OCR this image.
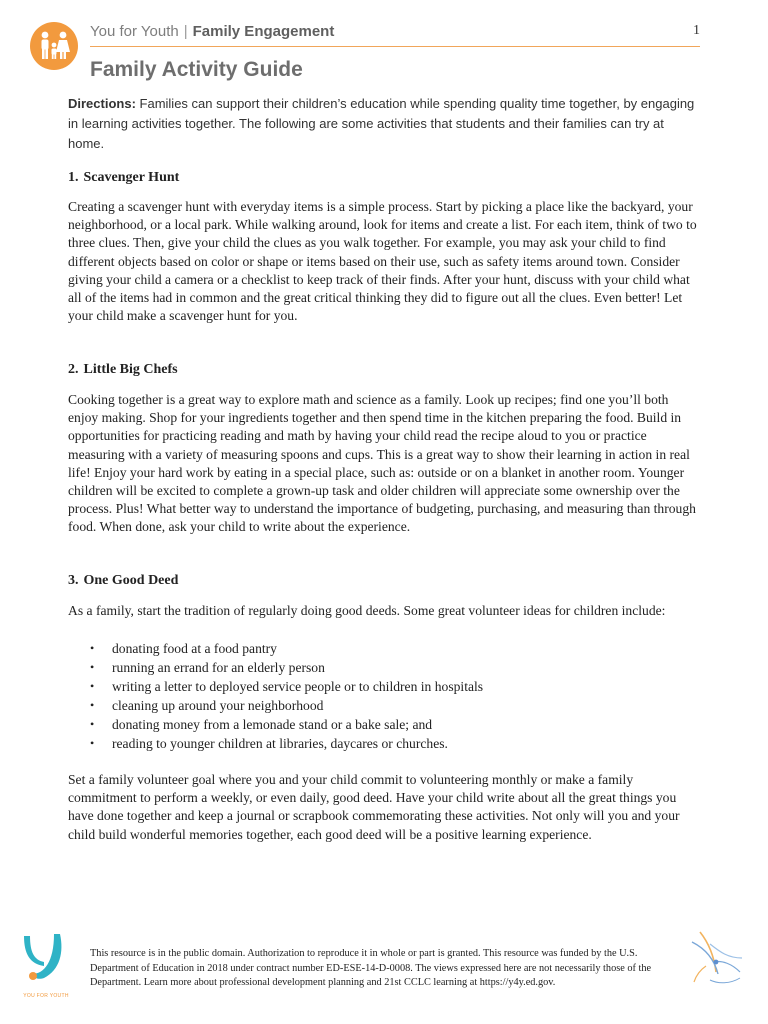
You for Youth | Family Engagement	1
Family Activity Guide

Directions: Families can support their children’s education while spending quality time together, by engaging in learning activities together. The following are some activities that students and their families can try at home.

1. Scavenger Hunt

Creating a scavenger hunt with everyday items is a simple process. Start by picking a place like the backyard, your neighborhood, or a local park. While walking around, look for items and create a list. For each item, think of two to three clues. Then, give your child the clues as you walk together. For example, you may ask your child to find different objects based on color or shape or items based on their use, such as safety items around town. Consider giving your child a camera or a checklist to keep track of their finds. After your hunt, discuss with your child what all of the items had in common and the great critical thinking they did to figure out all the clues. Even better! Let your child make a scavenger hunt for you.

2. Little Big Chefs

Cooking together is a great way to explore math and science as a family. Look up recipes; find one you’ll both enjoy making. Shop for your ingredients together and then spend time in the kitchen preparing the food. Build in opportunities for practicing reading and math by having your child read the recipe aloud to you or practice measuring with a variety of measuring spoons and cups. This is a great way to show their learning in action in real life! Enjoy your hard work by eating in a special place, such as: outside or on a blanket in another room. Younger children will be excited to complete a grown-up task and older children will appreciate some ownership over the process. Plus! What better way to understand the importance of budgeting, purchasing, and measuring than through food. When done, ask your child to write about the experience.

3. One Good Deed

As a family, start the tradition of regularly doing good deeds. Some great volunteer ideas for children include:

• donating food at a food pantry
• running an errand for an elderly person
• writing a letter to deployed service people or to children in hospitals
• cleaning up around your neighborhood
• donating money from a lemonade stand or a bake sale; and
• reading to younger children at libraries, daycares or churches.

Set a family volunteer goal where you and your child commit to volunteering monthly or make a family commitment to perform a weekly, or even daily, good deed. Have your child write about all the great things you have done together and keep a journal or scrapbook commemorating these activities. Not only will you and your child build wonderful memories together, each good deed will be a positive learning experience.

YOU FOR YOUTH

This resource is in the public domain. Authorization to reproduce it in whole or part is granted. This resource was funded by the U.S. Department of Education in 2018 under contract number ED-ESE-14-D-0008. The views expressed here are not necessarily those of the Department. Learn more about professional development planning and 21st CCLC learning at https://y4y.ed.gov.
